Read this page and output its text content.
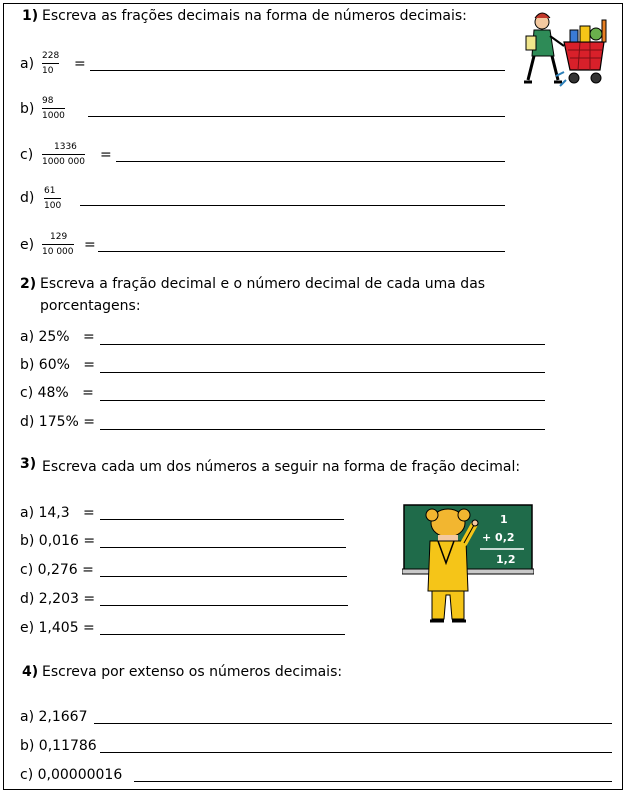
1) Escreva as frações decimais na forma de números decimais:
a) 228
10 =
b) 98
1000
c)	1336
1000 000 =
d) 61
100
e)	129
10 000 =
2) Escreva a fração decimal e o número decimal de cada uma das
porcentagens:
a) 25%   =
b) 60%   =
c) 48%   =
d) 175% =
3) Escreva cada um dos números a seguir na forma de fração decimal:
a) 14,3   =
b) 0,016 =
c) 0,276 =
d) 2,203 =
e) 1,405 =
1
+ 0,2
1,2
4) Escreva por extenso os números decimais:
a) 2,1667
b) 0,11786
c) 0,00000016
